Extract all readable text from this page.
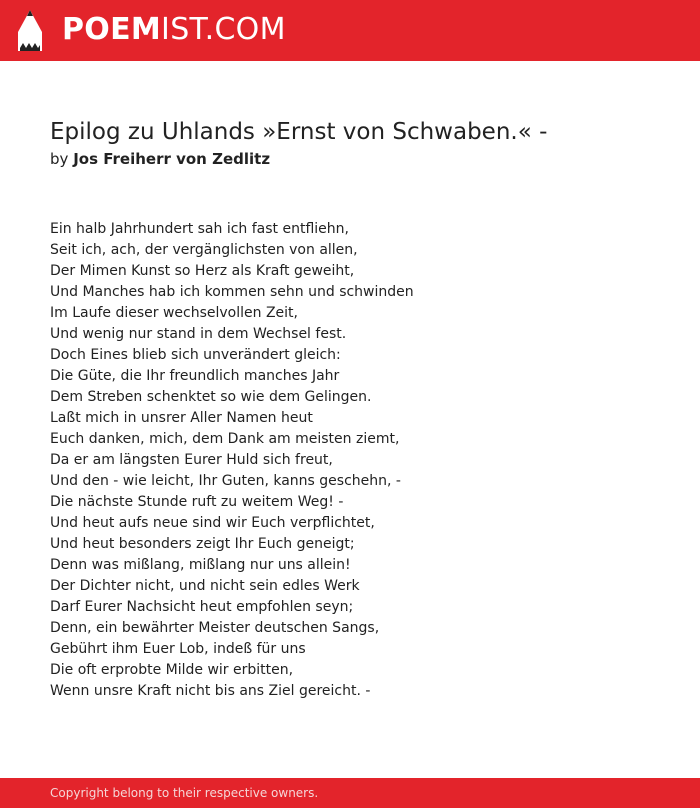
POEMIST.COM
Epilog zu Uhlands »Ernst von Schwaben.« -
by Jos Freiherr von Zedlitz
Ein halb Jahrhundert sah ich fast entfliehn,
Seit ich, ach, der vergänglichsten von allen,
Der Mimen Kunst so Herz als Kraft geweiht,
Und Manches hab ich kommen sehn und schwinden
Im Laufe dieser wechselvollen Zeit,
Und wenig nur stand in dem Wechsel fest.
Doch Eines blieb sich unverändert gleich:
Die Güte, die Ihr freundlich manches Jahr
Dem Streben schenktet so wie dem Gelingen.
Laßt mich in unsrer Aller Namen heut
Euch danken, mich, dem Dank am meisten ziemt,
Da er am längsten Eurer Huld sich freut,
Und den - wie leicht, Ihr Guten, kanns geschehn, -
Die nächste Stunde ruft zu weitem Weg! -
Und heut aufs neue sind wir Euch verpflichtet,
Und heut besonders zeigt Ihr Euch geneigt;
Denn was mißlang, mißlang nur uns allein!
Der Dichter nicht, und nicht sein edles Werk
Darf Eurer Nachsicht heut empfohlen seyn;
Denn, ein bewährter Meister deutschen Sangs,
Gebührt ihm Euer Lob, indeß für uns
Die oft erprobte Milde wir erbitten,
Wenn unsre Kraft nicht bis ans Ziel gereicht. -
Copyright belong to their respective owners.
